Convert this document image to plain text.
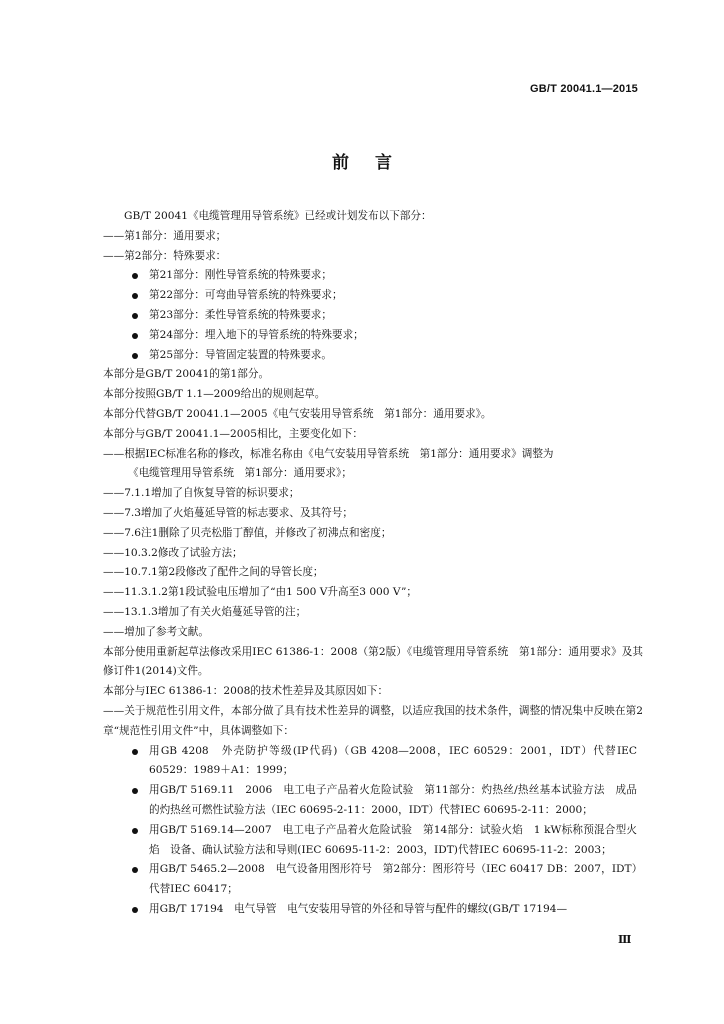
GB/T 20041.1—2015
前言
GB/T 20041《电缆管理用导管系统》已经或计划发布以下部分：
——第1部分：通用要求；
——第2部分：特殊要求：
第21部分：刚性导管系统的特殊要求；
第22部分：可弯曲导管系统的特殊要求；
第23部分：柔性导管系统的特殊要求；
第24部分：埋入地下的导管系统的特殊要求；
第25部分：导管固定装置的特殊要求。
本部分是GB/T 20041的第1部分。
本部分按照GB/T 1.1—2009给出的规则起草。
本部分代替GB/T 20041.1—2005《电气安装用导管系统　第1部分：通用要求》。
本部分与GB/T 20041.1—2005相比，主要变化如下：
——根据IEC标准名称的修改，标准名称由《电气安装用导管系统　第1部分：通用要求》调整为
《电缆管理用导管系统　第1部分：通用要求》；
——7.1.1增加了自恢复导管的标识要求；
——7.3增加了火焰蔓延导管的标志要求、及其符号；
——7.6注1删除了贝壳松脂丁醇值，并修改了初沸点和密度；
——10.3.2修改了试验方法；
——10.7.1第2段修改了配件之间的导管长度；
——11.3.1.2第1段试验电压增加了“由1 500 V升高至3 000 V”；
——13.1.3增加了有关火焰蔓延导管的注；
——增加了参考文献。
本部分使用重新起草法修改采用IEC 61386-1：2008（第2版）《电缆管理用导管系统　第1部分：通用要求》及其修订件1(2014)文件。
本部分与IEC 61386-1：2008的技术性差异及其原因如下：
——关于规范性引用文件，本部分做了具有技术性差异的调整，以适应我国的技术条件，调整的情况集中反映在第2章“规范性引用文件”中，具体调整如下：
用GB 4208　外壳防护等级(IP代码)（GB 4208—2008，IEC 60529：2001，IDT）代替IEC 60529：1989＋A1：1999；
用GB/T 5169.11　2006　电工电子产品着火危险试验　第11部分：灼热丝/热丝基本试验方法　成品的灼热丝可燃性试验方法（IEC 60695-2-11：2000，IDT）代替IEC 60695-2-11：2000；
用GB/T 5169.14—2007　电工电子产品着火危险试验　第14部分：试验火焰　1 kW标称预混合型火焰　设备、确认试验方法和导则(IEC 60695-11-2：2003，IDT)代替IEC 60695-11-2：2003；
用GB/T 5465.2—2008　电气设备用图形符号　第2部分：图形符号（IEC 60417 DB：2007，IDT）代替IEC 60417；
用GB/T 17194　电气导管　电气安装用导管的外径和导管与配件的螺纹(GB/T 17194—
Ⅲ
